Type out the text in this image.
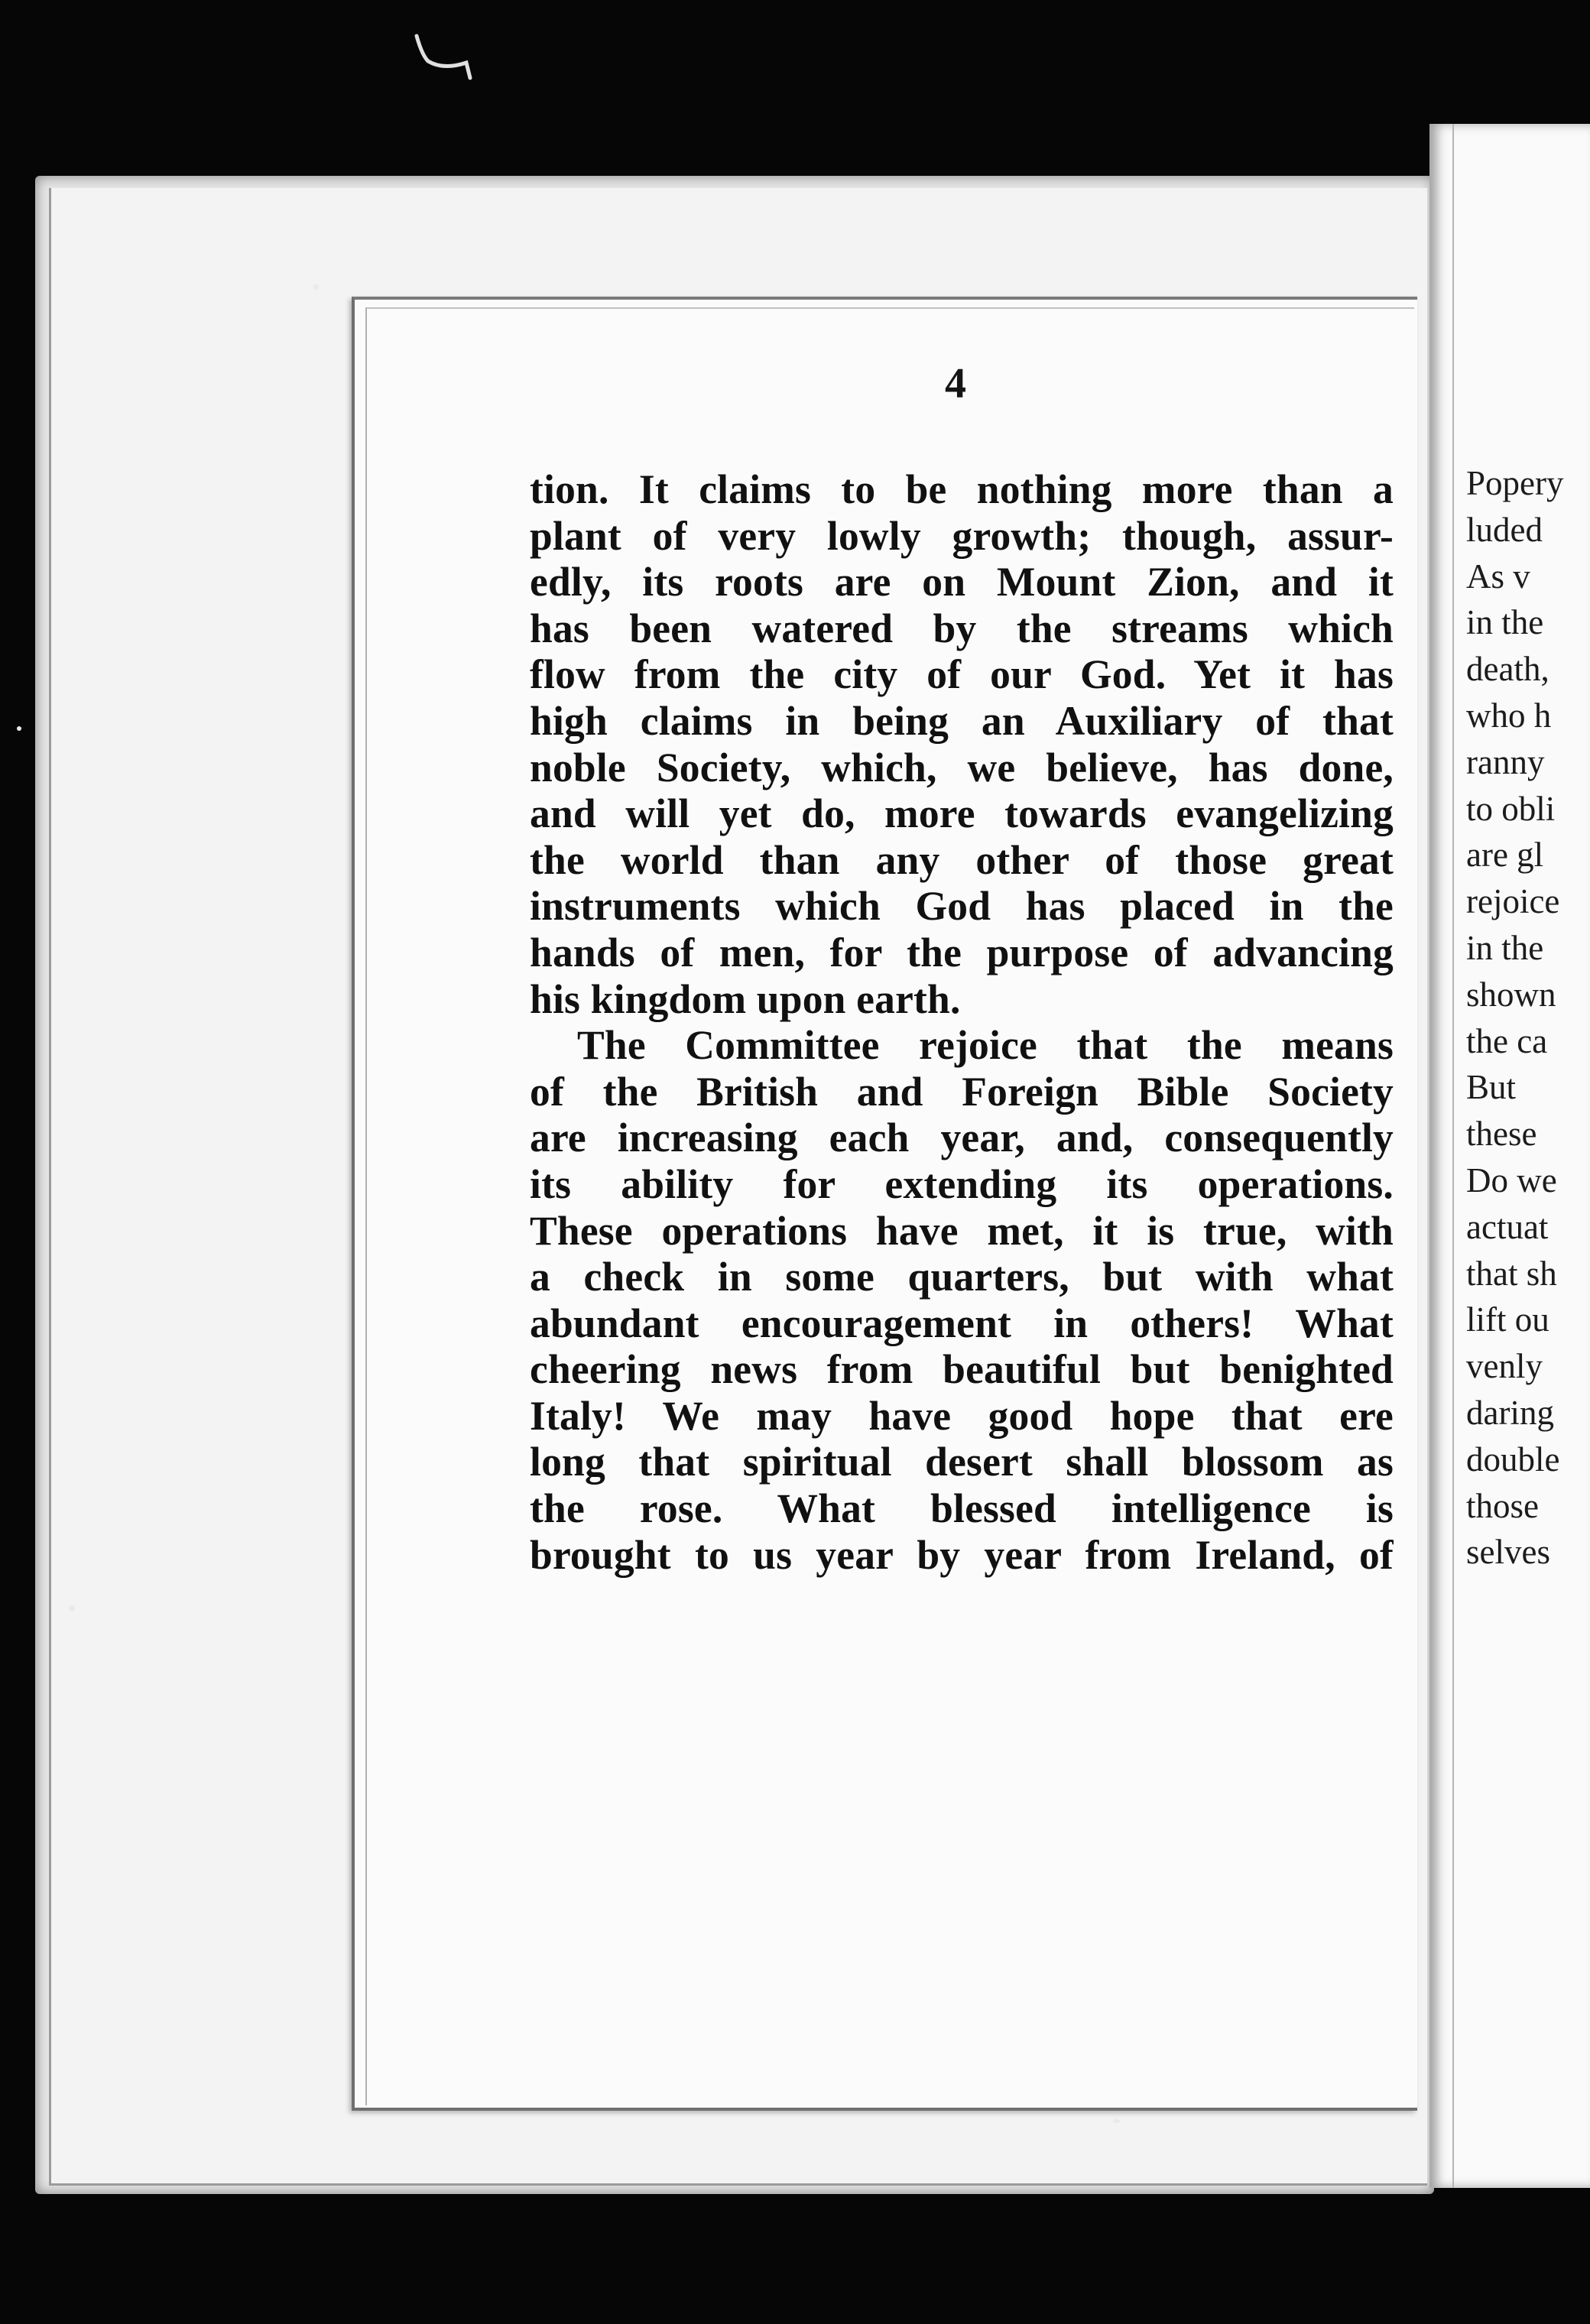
Popery
luded
As v
in the
death,
who h
ranny
to obli
are gl
rejoice
in the
shown
the ca
But
these
Do we
actuat
that sh
lift ou
venly
daring
double
those
selves
4
tion. It claims to be nothing more than a
plant of very lowly growth; though, assur-
edly, its roots are on Mount Zion, and it
has been watered by the streams which
flow from the city of our God. Yet it has
high claims in being an Auxiliary of that
noble Society, which, we believe, has done,
and will yet do, more towards evangelizing
the world than any other of those great
instruments which God has placed in the
hands of men, for the purpose of advancing
his kingdom upon earth.
The Committee rejoice that the means
of the British and Foreign Bible Society
are increasing each year, and, consequently
its ability for extending its operations.
These operations have met, it is true, with
a check in some quarters, but with what
abundant encouragement in others! What
cheering news from beautiful but benighted
Italy! We may have good hope that ere
long that spiritual desert shall blossom as
the rose. What blessed intelligence is
brought to us year by year from Ireland, of
